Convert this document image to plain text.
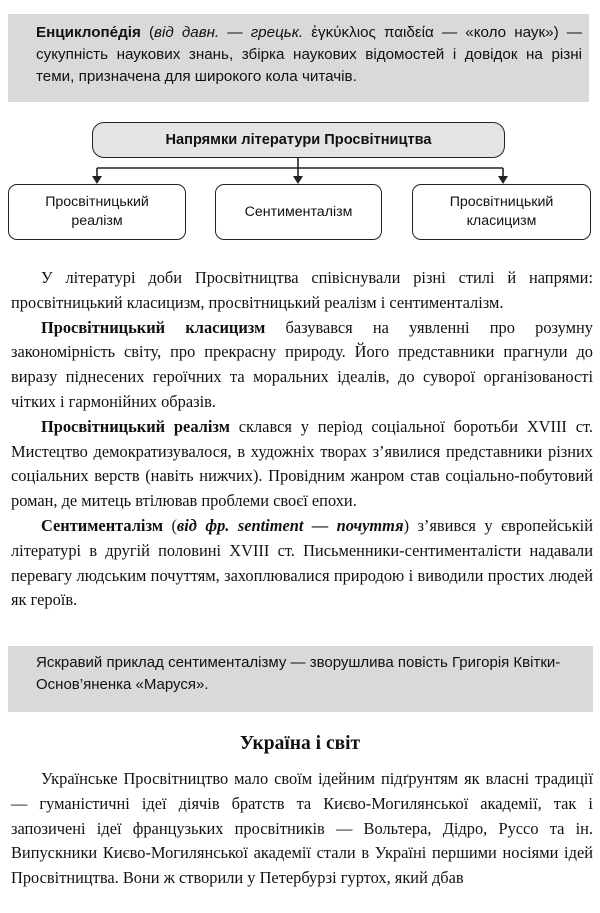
Енциклопе́дія (від давн. — грецьк. ἐγκύκλιος παιδεία — «коло наук») — сукупність наукових знань, збірка наукових відомостей і довідок на різні теми, призначена для широкого кола читачів.
Напрямки літератури Просвітництва
Просвітницький реалізм
Сентименталізм
Просвітницький класицизм

У літературі доби Просвітництва співіснували різні стилі й напрями: просвітницький класицизм, просвітницький реалізм і сентименталізм.

Просвітницький класицизм базувався на уявленні про розумну закономірність світу, про прекрасну природу. Його представники прагнули до виразу піднесених героїчних та моральних ідеалів, до суворої організованості чітких і гармонійних образів.

Просвітницький реалізм склався у період соціальної боротьби XVIII ст. Мистецтво демократизувалося, в художніх творах з’явилися представники різних соціальних верств (навіть нижчих). Провідним жанром став соціально-побутовий роман, де митець втілював проблеми своєї епохи.

Сентименталізм (від фр. sentiment — почуття) з’явився у європейській літературі в другій половині XVIII ст. Письменники-сентименталісти надавали перевагу людським почуттям, захоплювалися природою і виводили простих людей як героїв.

Яскравий приклад сентименталізму — зворушлива повість Григорія Квітки-Основ’яненка «Маруся».
Україна і світ

Українське Просвітництво мало своїм ідейним підґрунтям як власні традиції — гуманістичні ідеї діячів братств та Києво-Могилянської академії, так і запозичені ідеї французьких просвітників — Вольтера, Дідро, Руссо та ін. Випускники Києво-Могилянської академії стали в Україні першими носіями ідей Просвітництва. Вони ж створили у Петербурзі гуртох, який дбав
